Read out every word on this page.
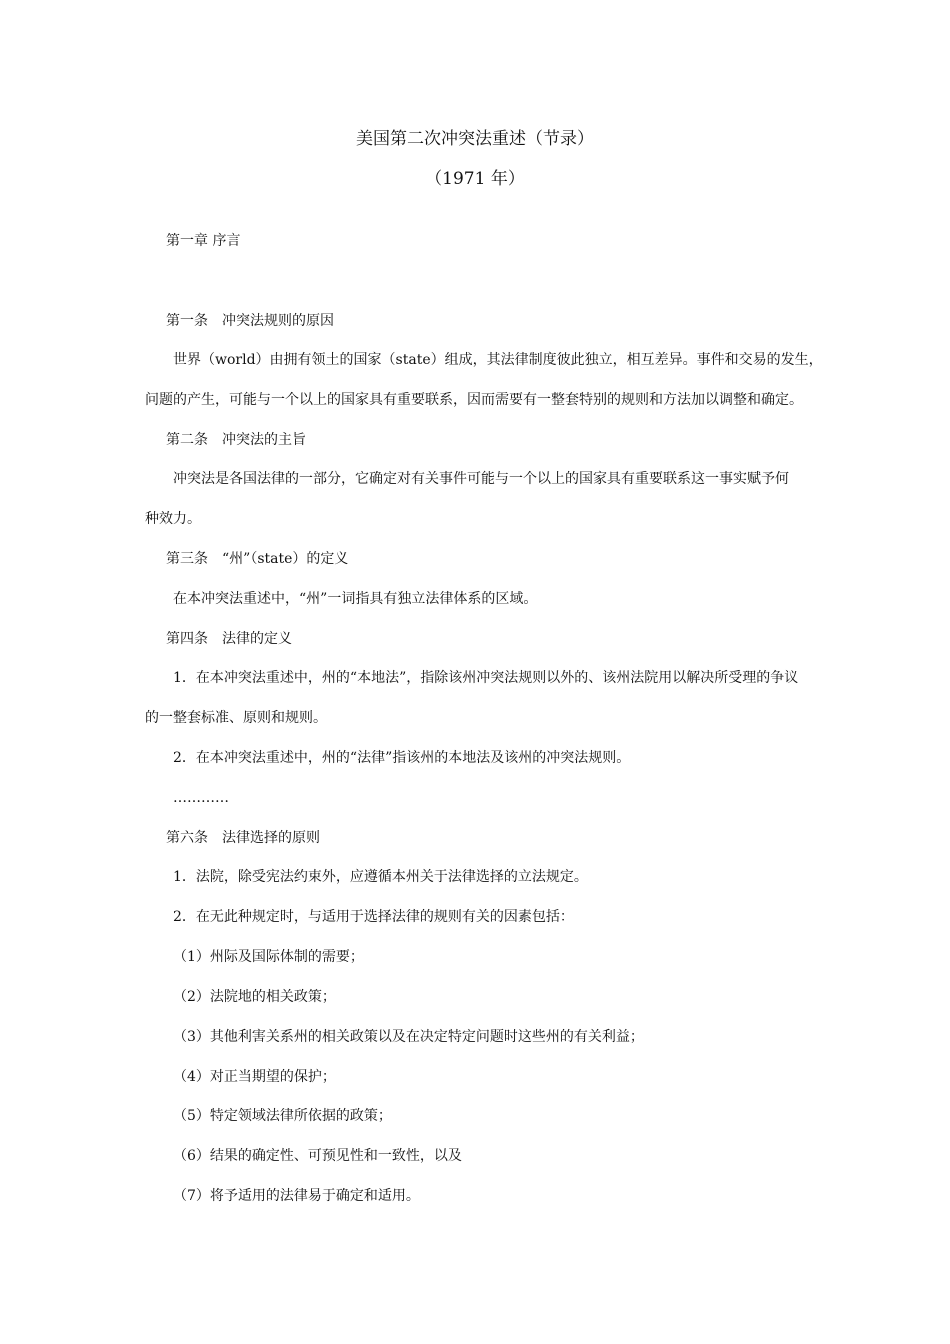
美国第二次冲突法重述（节录）
（1971 年）
第一章 序言
第一条　冲突法规则的原因
世界（world）由拥有领土的国家（state）组成，其法律制度彼此独立，相互差异。事件和交易的发生，
问题的产生，可能与一个以上的国家具有重要联系，因而需要有一整套特别的规则和方法加以调整和确定。
第二条　冲突法的主旨
冲突法是各国法律的一部分，它确定对有关事件可能与一个以上的国家具有重要联系这一事实赋予何
种效力。
第三条　“州”（state）的定义
在本冲突法重述中，“州”一词指具有独立法律体系的区域。
第四条　法律的定义
1．在本冲突法重述中，州的“本地法”，指除该州冲突法规则以外的、该州法院用以解决所受理的争议
的一整套标准、原则和规则。
2．在本冲突法重述中，州的“法律”指该州的本地法及该州的冲突法规则。
…………
第六条　法律选择的原则
1．法院，除受宪法约束外，应遵循本州关于法律选择的立法规定。
2．在无此种规定时，与适用于选择法律的规则有关的因素包括：
（1）州际及国际体制的需要；
（2）法院地的相关政策；
（3）其他利害关系州的相关政策以及在决定特定问题时这些州的有关利益；
（4）对正当期望的保护；
（5）特定领域法律所依据的政策；
（6）结果的确定性、可预见性和一致性，以及
（7）将予适用的法律易于确定和适用。
